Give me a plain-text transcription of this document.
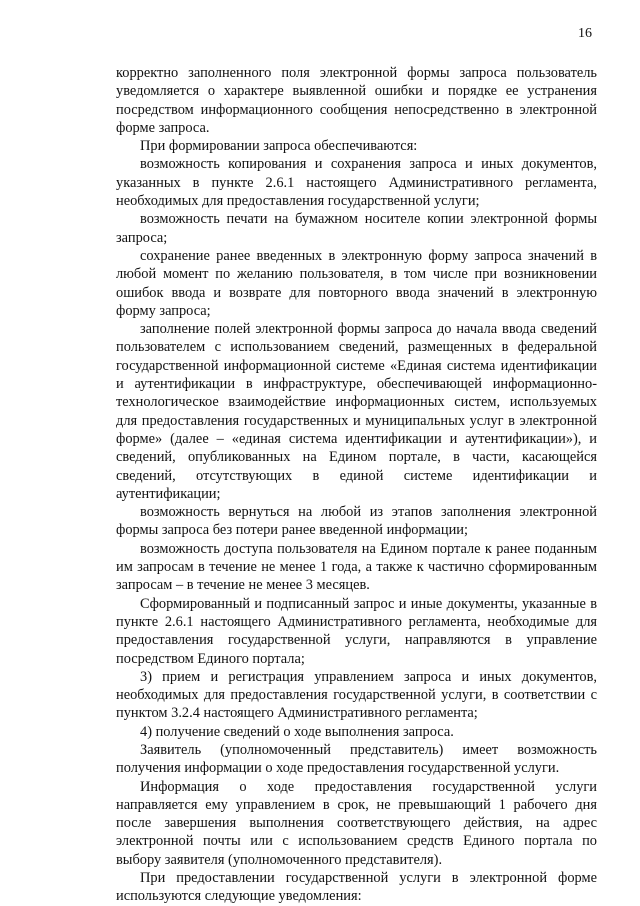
16

корректно заполненного поля электронной формы запроса пользователь уведомляется о характере выявленной ошибки и порядке ее устранения посредством информационного сообщения непосредственно в электронной форме запроса.

При формировании запроса обеспечиваются:

возможность копирования и сохранения запроса и иных документов, указанных в пункте 2.6.1 настоящего Административного регламента, необходимых для предоставления государственной услуги;

возможность печати на бумажном носителе копии электронной формы запроса;

сохранение ранее введенных в электронную форму запроса значений в любой момент по желанию пользователя, в том числе при возникновении ошибок ввода и возврате для повторного ввода значений в электронную форму запроса;

заполнение полей электронной формы запроса до начала ввода сведений пользователем с использованием сведений, размещенных в федеральной государственной информационной системе «Единая система идентификации и аутентификации в инфраструктуре, обеспечивающей информационно-технологическое взаимодействие информационных систем, используемых для предоставления государственных и муниципальных услуг в электронной форме» (далее – «единая система идентификации и аутентификации»), и сведений, опубликованных на Едином портале, в части, касающейся сведений, отсутствующих в единой системе идентификации и аутентификации;

возможность вернуться на любой из этапов заполнения электронной формы запроса без потери ранее введенной информации;

возможность доступа пользователя на Едином портале к ранее поданным им запросам в течение не менее 1 года, а также к частично сформированным запросам – в течение не менее 3 месяцев.

Сформированный и подписанный запрос и иные документы, указанные в пункте 2.6.1 настоящего Административного регламента, необходимые для предоставления государственной услуги, направляются в управление посредством Единого портала;

3) прием и регистрация управлением запроса и иных документов, необходимых для предоставления государственной услуги, в соответствии с пунктом 3.2.4 настоящего Административного регламента;

4) получение сведений о ходе выполнения запроса.

Заявитель (уполномоченный представитель) имеет возможность получения информации о ходе предоставления государственной услуги.

Информация о ходе предоставления государственной услуги направляется ему управлением в срок, не превышающий 1 рабочего дня после завершения выполнения соответствующего действия, на адрес электронной почты или с использованием средств Единого портала по выбору заявителя (уполномоченного представителя).

При предоставлении государственной услуги в электронной форме используются следующие уведомления:
